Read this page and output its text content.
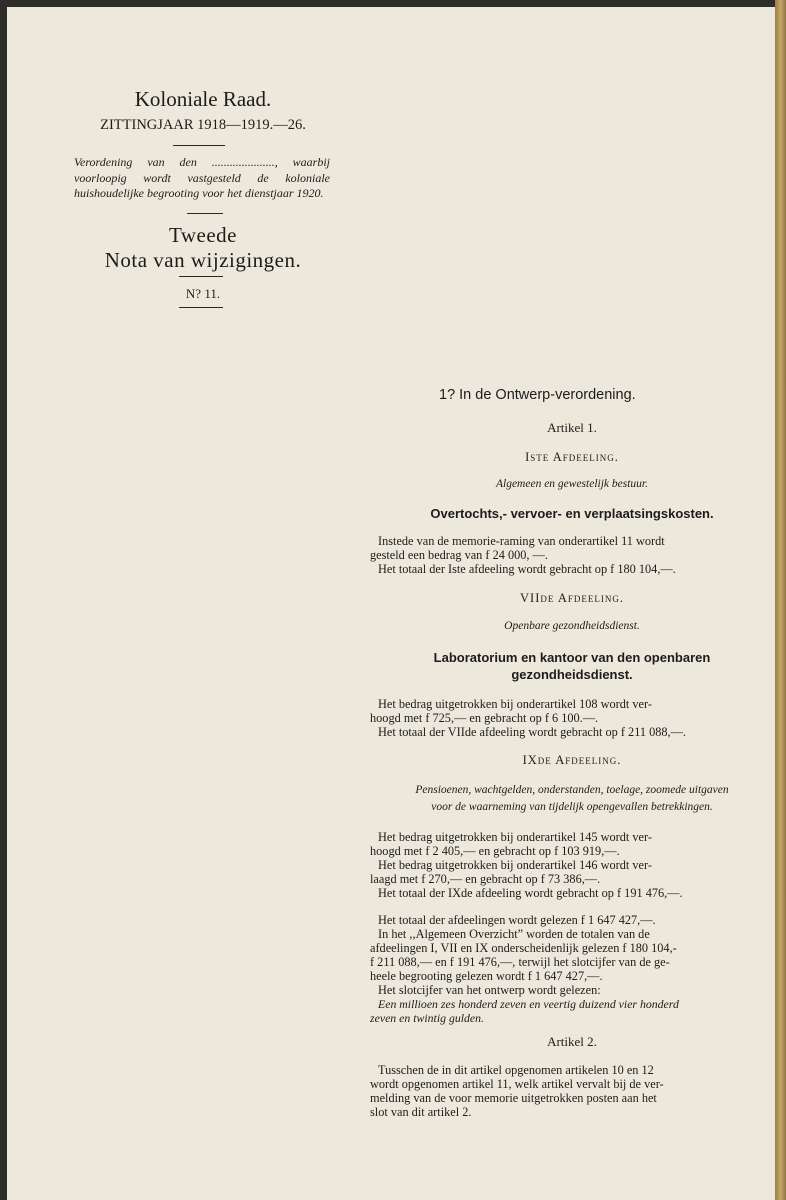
Koloniale Raad.
ZITTINGJAAR 1918—1919.—26.
Verordening van den ....................., waarbij voorloopig wordt vastgesteld de koloniale huishoudelijke begrooting voor het dienstjaar 1920.
Tweede
Nota van wijzigingen.
N? 11.
1? In de Ontwerp-verordening.
Artikel 1.
Iste Afdeeling.
Algemeen en gewestelijk bestuur.
Overtochts,- vervoer- en verplaatsingskosten.

Instede van de memorie-raming van onderartikel 11 wordt

gesteld een bedrag van f 24 000, —.

Het totaal der Iste afdeeling wordt gebracht op f 180 104,—.

VIIde Afdeeling.
Openbare gezondheidsdienst.
Laboratorium en kantoor van den openbaren
gezondheidsdienst.

Het bedrag uitgetrokken bij onderartikel 108 wordt ver-

hoogd met f 725,— en gebracht op f 6 100.—.

Het totaal der VIIde afdeeling wordt gebracht op f 211 088,—.

IXde Afdeeling.
Pensioenen, wachtgelden, onderstanden, toelage, zoomede uitgaven
voor de waarneming van tijdelijk opengevallen betrekkingen.

Het bedrag uitgetrokken bij onderartikel 145 wordt ver-

hoogd met f 2 405,— en gebracht op f 103 919,—.

Het bedrag uitgetrokken bij onderartikel 146 wordt ver-

laagd met f 270,— en gebracht op f 73 386,—.

Het totaal der IXde afdeeling wordt gebracht op f 191 476,—.

Het totaal der afdeelingen wordt gelezen f 1 647 427,—.

In het ,,Algemeen Overzicht” worden de totalen van de

afdeelingen I, VII en IX onderscheidenlijk gelezen f 180 104,-

f 211 088,— en f 191 476,—, terwijl het slotcijfer van de ge-

heele begrooting gelezen wordt f 1 647 427,—.

Het slotcijfer van het ontwerp wordt gelezen:

Een millioen zes honderd zeven en veertig duizend vier honderd

zeven en twintig gulden.

Artikel 2.

Tusschen de in dit artikel opgenomen artikelen 10 en 12

wordt opgenomen artikel 11, welk artikel vervalt bij de ver-

melding van de voor memorie uitgetrokken posten aan het

slot van dit artikel 2.
